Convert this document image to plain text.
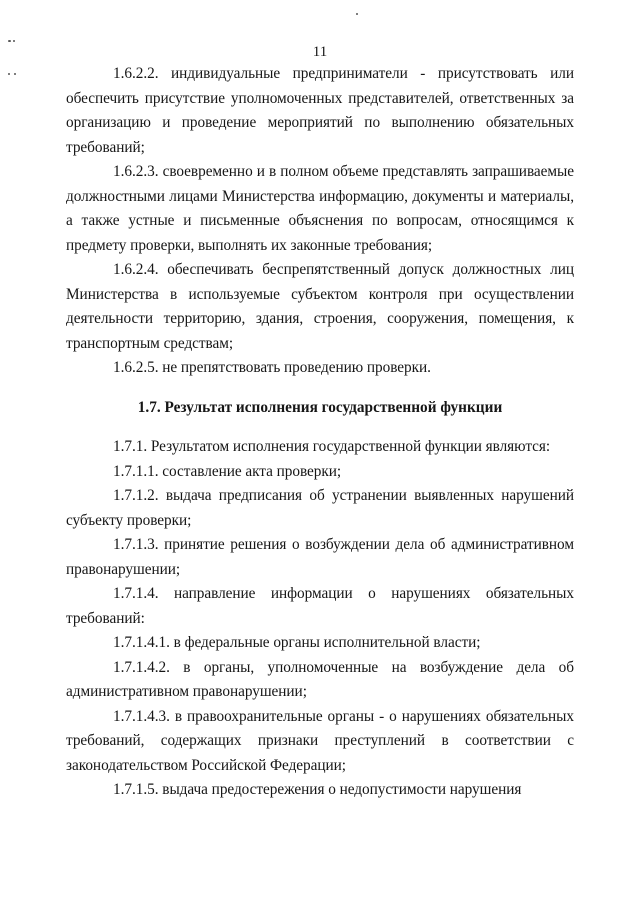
11

1.6.2.2. индивидуальные предприниматели - присутствовать или обеспечить присутствие уполномоченных представителей, ответственных за организацию и проведение мероприятий по выполнению обязательных требований;

1.6.2.3. своевременно и в полном объеме представлять запрашиваемые должностными лицами Министерства информацию, документы и материалы, а также устные и письменные объяснения по вопросам, относящимся к предмету проверки, выполнять их законные требования;

1.6.2.4. обеспечивать беспрепятственный допуск должностных лиц Министерства в используемые субъектом контроля при осуществлении деятельности территорию, здания, строения, сооружения, помещения, к транспортным средствам;

1.6.2.5. не препятствовать проведению проверки.

1.7. Результат исполнения государственной функции

1.7.1. Результатом исполнения государственной функции являются:

1.7.1.1. составление акта проверки;

1.7.1.2. выдача предписания об устранении выявленных нарушений субъекту проверки;

1.7.1.3. принятие решения о возбуждении дела об административном правонарушении;

1.7.1.4. направление информации о нарушениях обязательных требований:

1.7.1.4.1. в федеральные органы исполнительной власти;

1.7.1.4.2. в органы, уполномоченные на возбуждение дела об административном правонарушении;

1.7.1.4.3. в правоохранительные органы - о нарушениях обязательных требований, содержащих признаки преступлений в соответствии с законодательством Российской Федерации;

1.7.1.5. выдача предостережения о недопустимости нарушения
